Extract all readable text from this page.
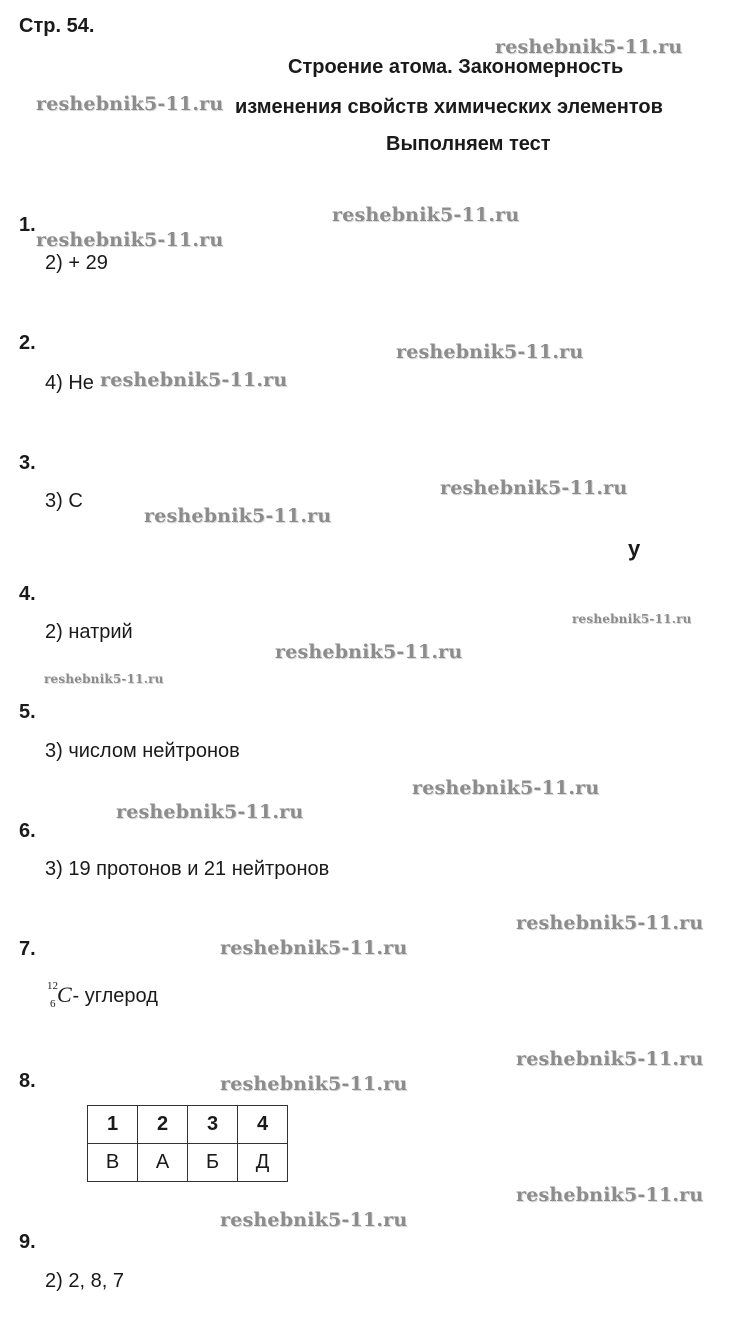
Стр. 54.
Строение атома. Закономерность
изменения свойств химических элементов
Выполняем тест
1.
2) + 29
2.
4) He
3.
3) С
у
4.
2) натрий
5.
3) числом нейтронов
6.
3) 19 протонов и 21 нейтронов
7.
12
6 C
- углерод
8.
1	2	3	4
В	А	Б	Д
9.
2) 2, 8, 7
reshebnik5-11.ru
reshebnik5-11.ru
reshebnik5-11.ru
reshebnik5-11.ru
reshebnik5-11.ru
reshebnik5-11.ru
reshebnik5-11.ru
reshebnik5-11.ru
reshebnik5-11.ru
reshebnik5-11.ru
reshebnik5-11.ru
reshebnik5-11.ru
reshebnik5-11.ru
reshebnik5-11.ru
reshebnik5-11.ru
reshebnik5-11.ru
reshebnik5-11.ru
reshebnik5-11.ru
reshebnik5-11.ru
